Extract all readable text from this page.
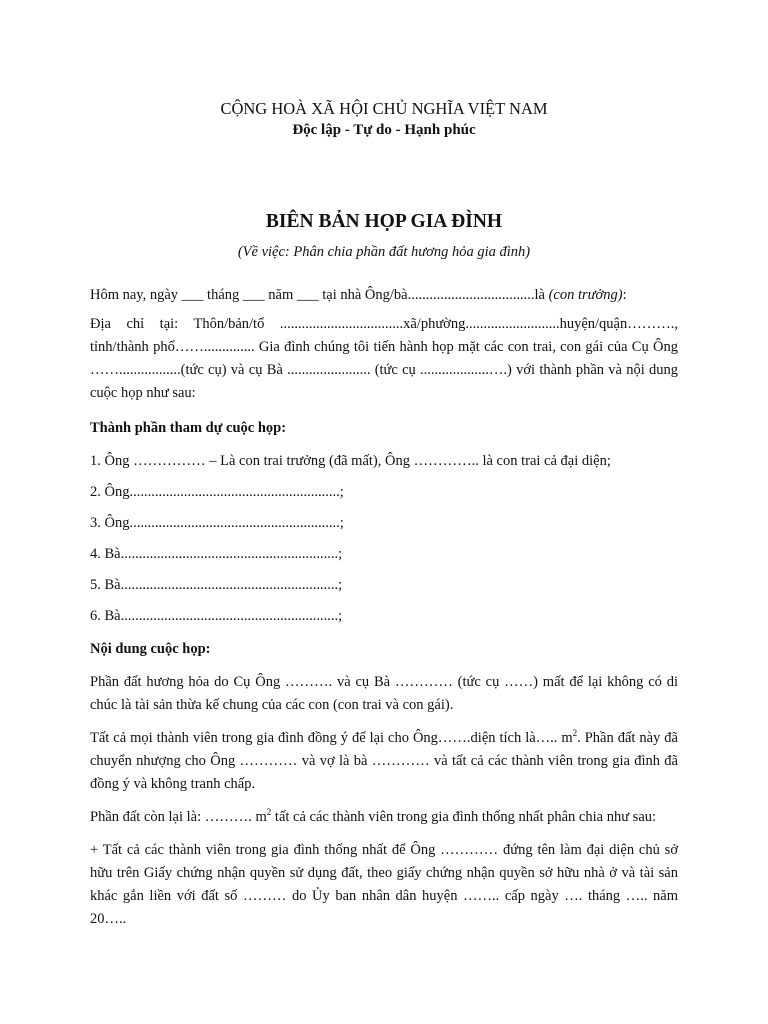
CỘNG HOÀ XÃ HỘI CHỦ NGHĨA VIỆT NAM

Độc lập - Tự do - Hạnh phúc

BIÊN BẢN HỌP GIA ĐÌNH

(Về việc: Phân chia phần đất hương hỏa gia đình)

Hôm nay, ngày ___ tháng ___ năm ___ tại nhà Ông/bà...................................là (con trưởng):

Địa chỉ tại: Thôn/bản/tổ ..................................xã/phường..........................huyện/quận………., tỉnh/thành phố…….............. Gia đình chúng tôi tiến hành họp mặt các con trai, con gái của Cụ Ông …….................(tức cụ) và cụ Bà ....................... (tức cụ ...................….) với thành phần và nội dung cuộc họp như sau:

Thành phần tham dự cuộc họp:

1. Ông …………… – Là con trai trưởng (đã mất), Ông ………….. là con trai cả đại diện;

2. Ông..........................................................;

3. Ông..........................................................;

4. Bà............................................................;

5. Bà............................................................;

6. Bà............................................................;

Nội dung cuộc họp:

Phần đất hương hỏa do Cụ Ông ………. và cụ Bà ………… (tức cụ ……) mất để lại không có di chúc là tài sản thừa kế chung của các con (con trai và con gái).

Tất cả mọi thành viên trong gia đình đồng ý để lại cho Ông…….diện tích là….. $m^2$. Phần đất này đã chuyển nhượng cho Ông ………… và vợ là bà ………… và tất cả các thành viên trong gia đình đã đồng ý và không tranh chấp.

Phần đất còn lại là: ………. $m^2$ tất cả các thành viên trong gia đình thống nhất phân chia như sau:

+ Tất cả các thành viên trong gia đình thống nhất để Ông ………… đứng tên làm đại diện chủ sở hữu trên Giấy chứng nhận quyền sử dụng đất, theo giấy chứng nhận quyền sở hữu nhà ở và tài sản khác gắn liền với đất số ……… do Ủy ban nhân dân huyện …….. cấp ngày …. tháng ….. năm 20…..
